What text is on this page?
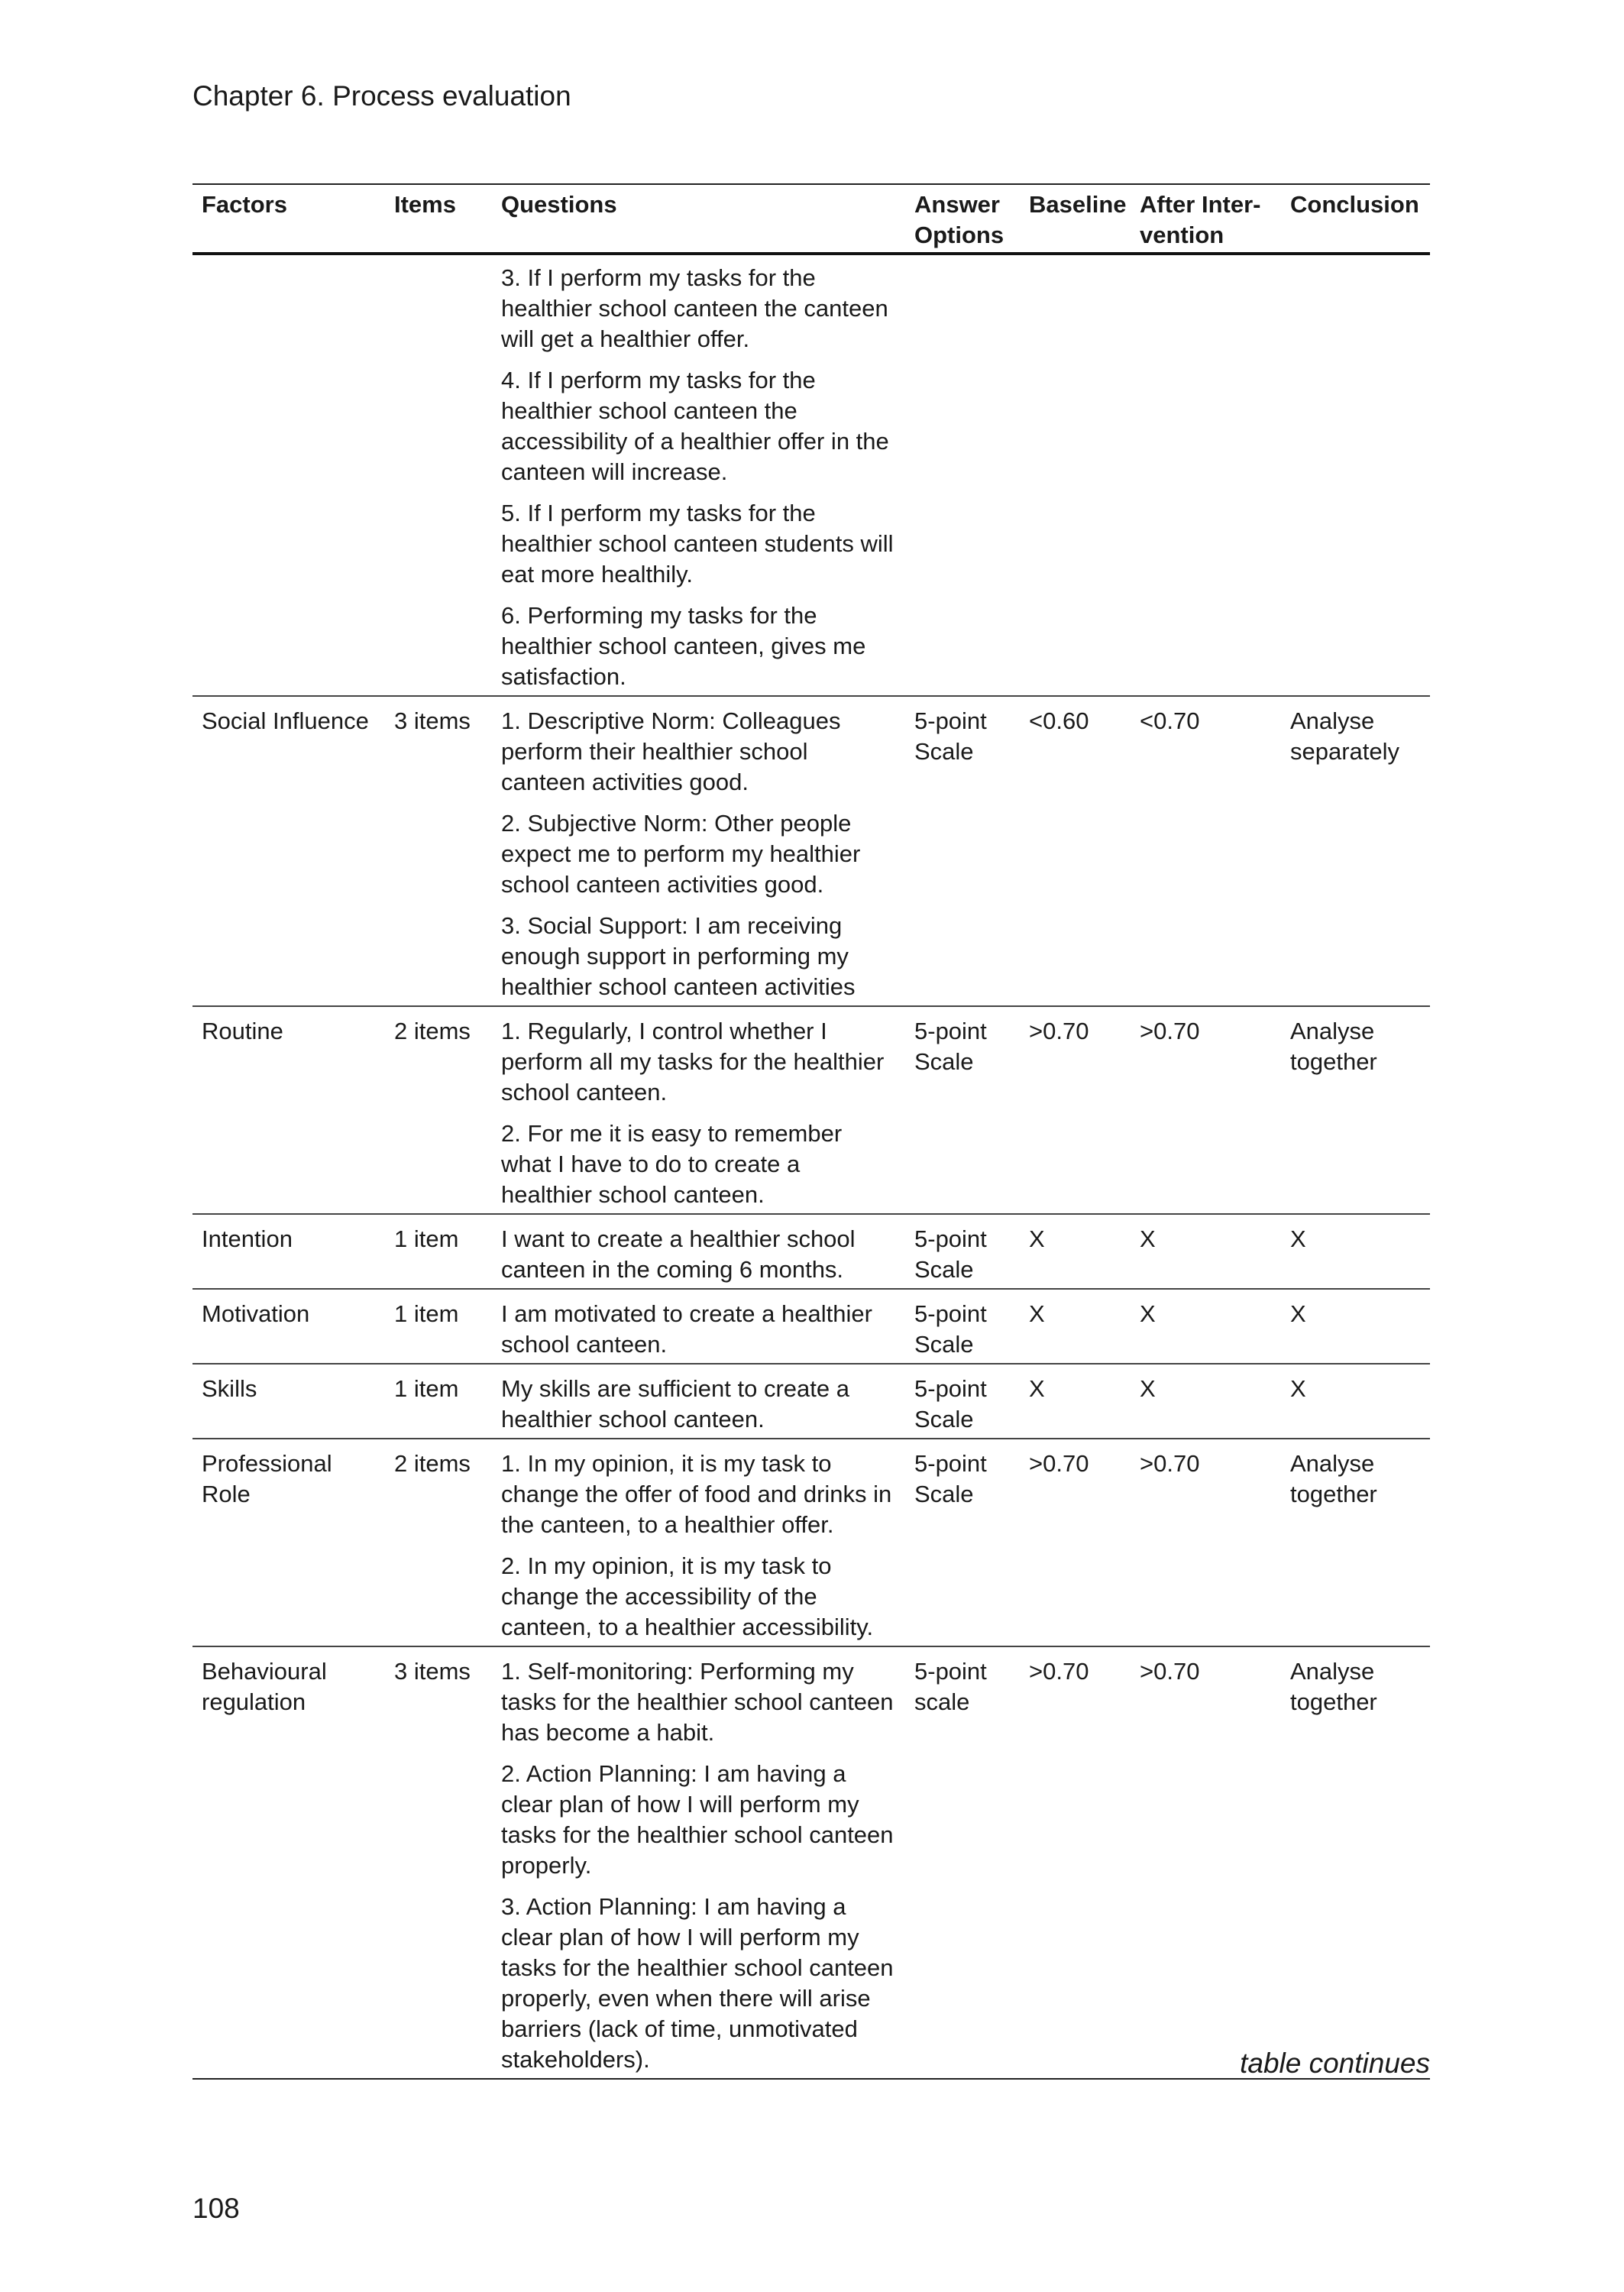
Chapter 6. Process evaluation
Factors	Items	Questions	Answer Options	Baseline	After Inter-vention	Conclusion
		3. If I perform my tasks for the healthier school canteen the canteen will get a healthier offer.				
		4. If I perform my tasks for the healthier school canteen the accessibility of a healthier offer in the canteen will increase.				
		5. If I perform my tasks for the healthier school canteen students will eat more healthily.				
		6. Performing my tasks for the healthier school canteen, gives me satisfaction.				
Social Influence	3 items	1. Descriptive Norm: Colleagues perform their healthier school canteen activities good.	5-point Scale	<0.60	<0.70	Analyse separately
		2. Subjective Norm: Other people expect me to perform my healthier school canteen activities good.				
		3. Social Support: I am receiving enough support in performing my healthier school canteen activities				
Routine	2 items	1. Regularly, I control whether I perform all my tasks for the healthier school canteen.	5-point Scale	>0.70	>0.70	Analyse together
		2. For me it is easy to remember what I have to do to create a healthier school canteen.				
Intention	1 item	I want to create a healthier school canteen in the coming 6 months.	5-point Scale	X	X	X
Motivation	1 item	I am motivated to create a healthier school canteen.	5-point Scale	X	X	X
Skills	1 item	My skills are sufficient to create a healthier school canteen.	5-point Scale	X	X	X
Professional Role	2 items	1. In my opinion, it is my task to change the offer of food and drinks in the canteen, to a healthier offer.	5-point Scale	>0.70	>0.70	Analyse together
		2. In my opinion, it is my task to change the accessibility of the canteen, to a healthier accessibility.				
Behavioural regulation	3 items	1. Self-monitoring: Performing my tasks for the healthier school canteen has become a habit.	5-point scale	>0.70	>0.70	Analyse together
		2. Action Planning: I am having a clear plan of how I will perform my tasks for the healthier school canteen properly.				
		3. Action Planning: I am having a clear plan of how I will perform my tasks for the healthier school canteen properly, even when there will arise barriers (lack of time, unmotivated stakeholders).					table continues
108
